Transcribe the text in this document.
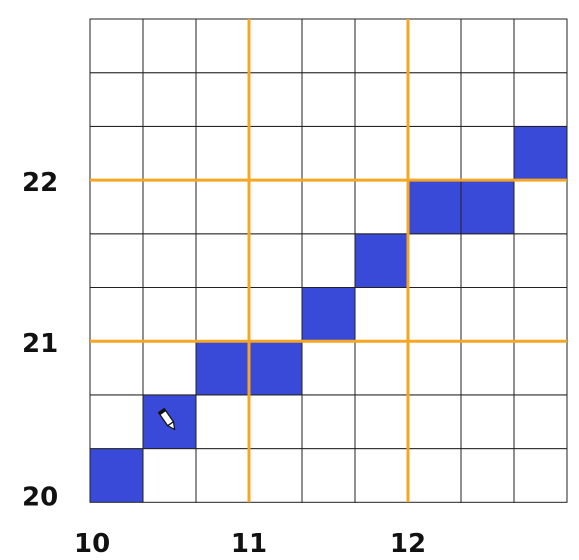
10	11	12
20
21
22
